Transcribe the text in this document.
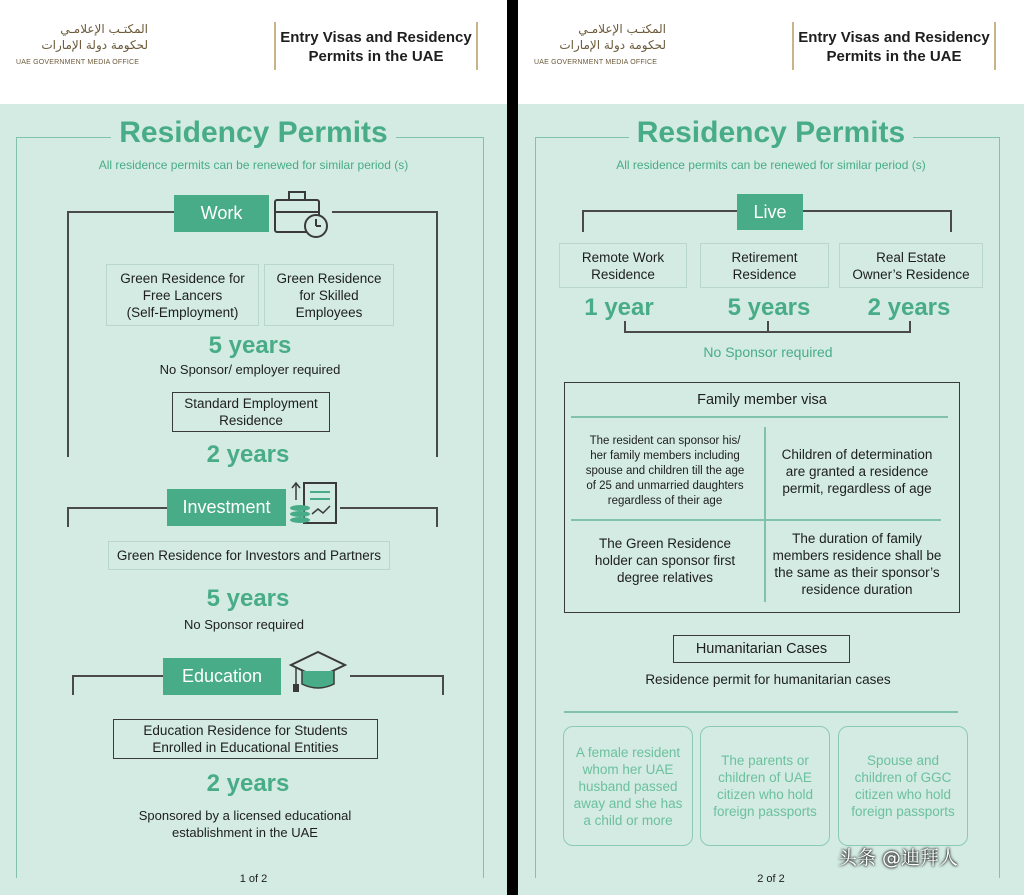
المكتـب الإعلامـي
لحكومة دولة الإمارات
UAE GOVERNMENT MEDIA OFFICE
Entry Visas and Residency
Permits in the UAE
Residency Permits
All residence permits can be renewed for similar period (s)
Work
Green Residence for
Free Lancers
(Self-Employment)
Green Residence
for Skilled
Employees
5 years
No Sponsor/ employer required
Standard Employment
Residence
2 years
Investment
Green Residence for Investors and Partners
5 years
No Sponsor required
Education
Education Residence for Students
Enrolled in Educational Entities
2 years
Sponsored by a licensed educational
establishment in the UAE
1 of 2
المكتـب الإعلامـي
لحكومة دولة الإمارات
UAE GOVERNMENT MEDIA OFFICE
Entry Visas and Residency
Permits in the UAE
Residency Permits
All residence permits can be renewed for similar period (s)
Live
Remote Work
Residence
Retirement
Residence
Real Estate
Owner’s Residence
1 year	5 years	2 years
No Sponsor required
Family member visa
The resident can sponsor his/
her family members including
spouse and children till the age
of 25 and unmarried daughters
regardless of their age
Children of determination
are granted a residence
permit, regardless of age
The Green Residence
holder can sponsor first
degree relatives
The duration of family
members residence shall be
the same as their sponsor’s
residence duration
Humanitarian Cases
Residence permit for humanitarian cases
A female resident
whom her UAE
husband passed
away and she has
a child or more
The parents or
children of UAE
citizen who hold
foreign passports
Spouse and
children of GGC
citizen who hold
foreign passports
2 of 2
头条 @迪拜人
